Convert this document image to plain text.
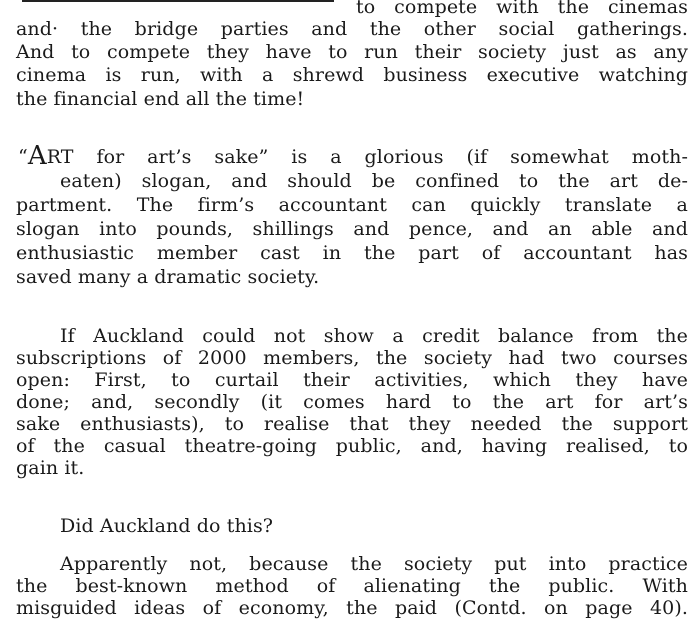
to compete with the cinemas
and· the bridge parties and the other social gatherings.
And to compete they have to run their society just as any
cinema is run, with a shrewd business executive watching
the financial end all the time!
“ART for art’s sake” is a glorious (if somewhat moth-
eaten) slogan, and should be confined to the art de-
partment. The firm’s accountant can quickly translate a
slogan into pounds, shillings and pence, and an able and
enthusiastic member cast in the part of accountant has
saved many a dramatic society.
If Auckland could not show a credit balance from the
subscriptions of 2000 members, the society had two courses
open: First, to curtail their activities, which they have
done; and, secondly (it comes hard to the art for art’s
sake enthusiasts), to realise that they needed the support
of the casual theatre-going public, and, having realised, to
gain it.
Did Auckland do this?
Apparently not, because the society put into practice
the best-known method of alienating the public. With
misguided ideas of economy, the paid (Contd. on page 40).
